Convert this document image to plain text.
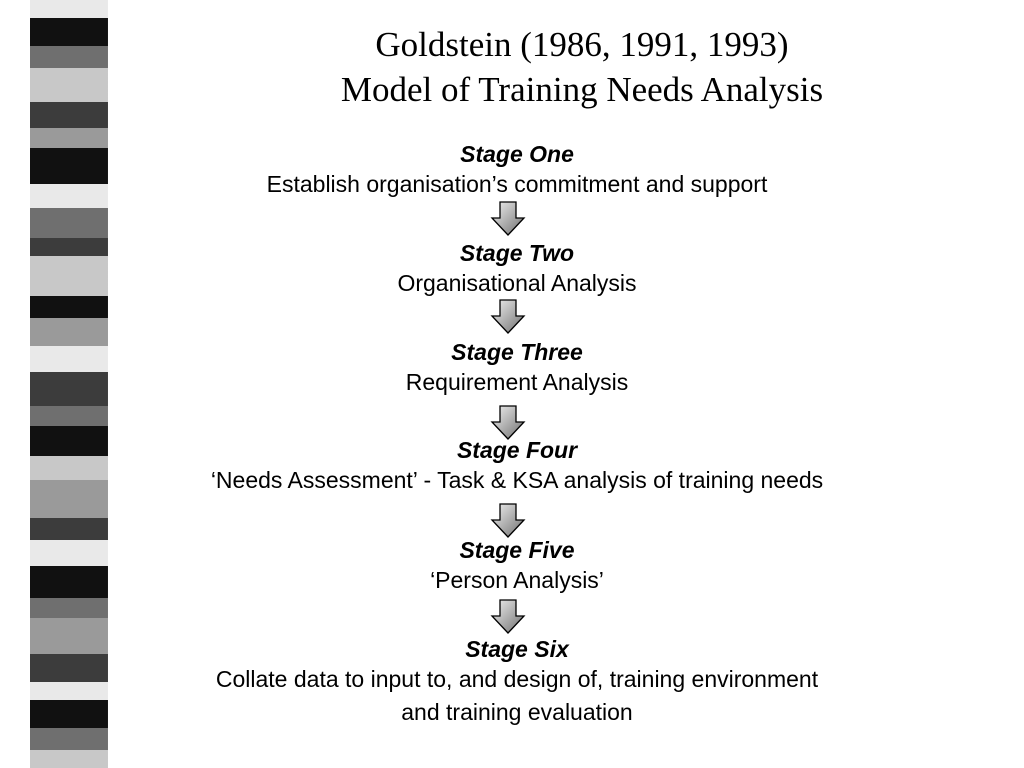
Goldstein (1986, 1991, 1993)
Model of Training Needs Analysis
Stage One
Establish organisation’s commitment and support
Stage Two
Organisational Analysis
Stage Three
Requirement Analysis
Stage Four
‘Needs Assessment’ - Task & KSA analysis of training needs
Stage Five
‘Person Analysis’
Stage Six
Collate data to input to, and design of, training environment
and training evaluation
